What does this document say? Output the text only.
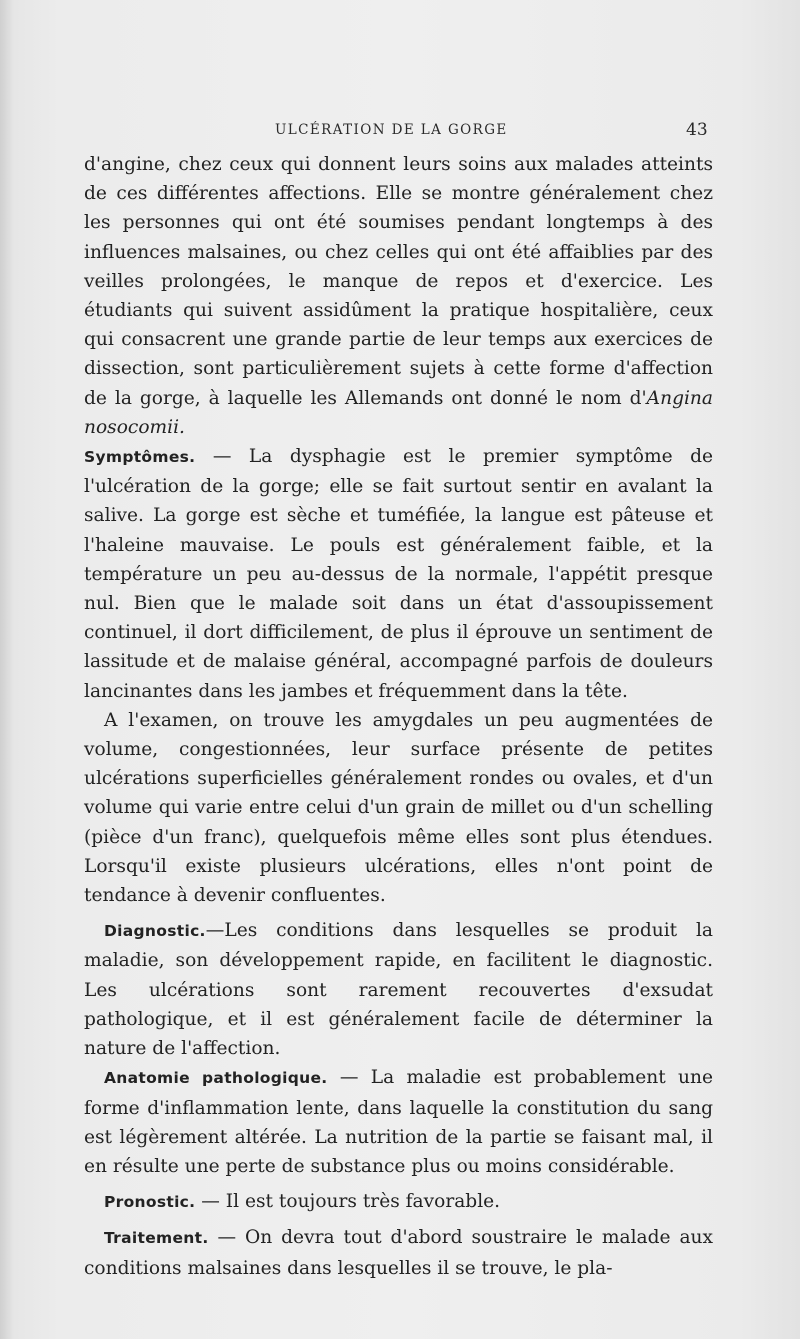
ULCÉRATION DE LA GORGE	43

d'angine, chez ceux qui donnent leurs soins aux malades atteints de ces différentes affections. Elle se montre généralement chez les personnes qui ont été soumises pendant longtemps à des influences malsaines, ou chez celles qui ont été affaiblies par des veilles prolongées, le manque de repos et d'exercice. Les étudiants qui suivent assidûment la pratique hospitalière, ceux qui consacrent une grande partie de leur temps aux exercices de dissection, sont particulièrement sujets à cette forme d'affection de la gorge, à laquelle les Allemands ont donné le nom d'Angina nosocomii.

Symptômes. — La dysphagie est le premier symptôme de l'ulcération de la gorge; elle se fait surtout sentir en avalant la salive. La gorge est sèche et tuméfiée, la langue est pâteuse et l'haleine mauvaise. Le pouls est généralement faible, et la température un peu au-dessus de la normale, l'appétit presque nul. Bien que le malade soit dans un état d'assoupissement continuel, il dort difficilement, de plus il éprouve un sentiment de lassitude et de malaise général, accompagné parfois de douleurs lancinantes dans les jambes et fréquemment dans la tête.

A l'examen, on trouve les amygdales un peu augmentées de volume, congestionnées, leur surface présente de petites ulcérations superficielles généralement rondes ou ovales, et d'un volume qui varie entre celui d'un grain de millet ou d'un schelling (pièce d'un franc), quelquefois même elles sont plus étendues. Lorsqu'il existe plusieurs ulcérations, elles n'ont point de tendance à devenir confluentes.

Diagnostic.—Les conditions dans lesquelles se produit la maladie, son développement rapide, en facilitent le diagnostic. Les ulcérations sont rarement recouvertes d'exsudat pathologique, et il est généralement facile de déterminer la nature de l'affection.

Anatomie pathologique. — La maladie est probablement une forme d'inflammation lente, dans laquelle la constitution du sang est légèrement altérée. La nutrition de la partie se faisant mal, il en résulte une perte de substance plus ou moins considérable.

Pronostic. — Il est toujours très favorable.

Traitement. — On devra tout d'abord soustraire le malade aux conditions malsaines dans lesquelles il se trouve, le pla-
